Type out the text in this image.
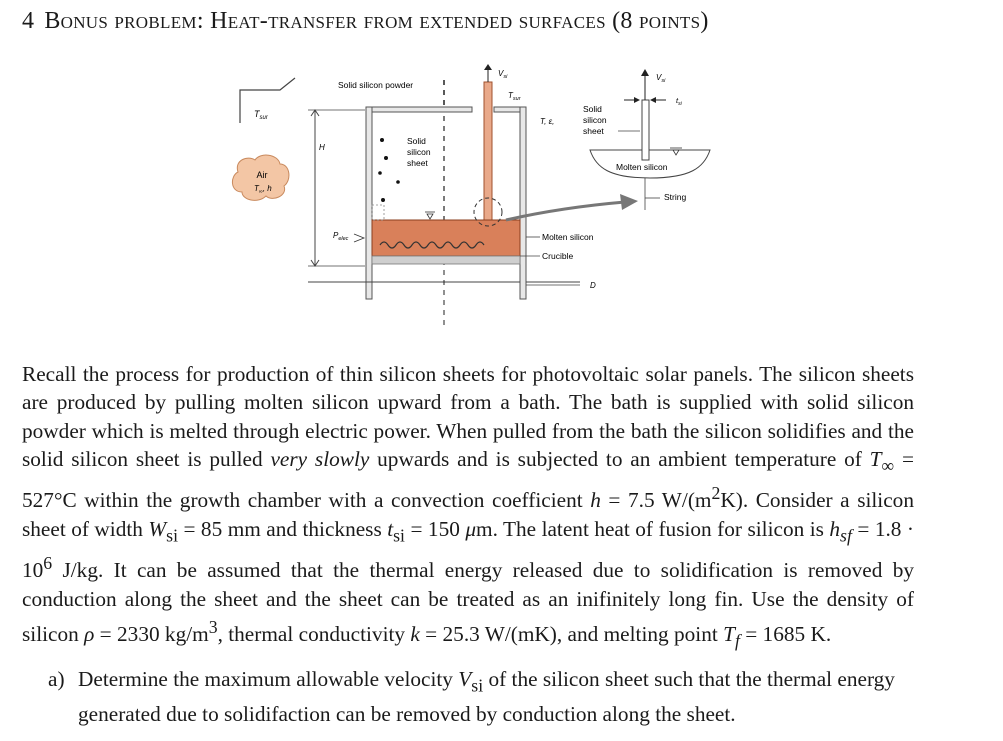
4 Bonus problem: Heat-transfer from extended surfaces (8 points)
$T_{sur}$
Air
$T_\infty$, h
H
Solid silicon powder
Solid
silicon
sheet
$V_{si}$
$T_{sur}$
T, ε,
$P_{elec}$	Molten silicon
Crucible
D
$V_{si}$
Solid
silicon
sheet
$t_{si}$
Molten silicon
String
Recall the process for production of thin silicon sheets for photovoltaic solar panels. The silicon sheets are produced by pulling molten silicon upward from a bath. The bath is supplied with solid silicon powder which is melted through electric power. When pulled from the bath the silicon solidifies and the solid silicon sheet is pulled very slowly upwards and is subjected to an ambient temperature of $T_\infty = 527^\circ C$ within the growth chamber with a convection coefficient h = 7.5 $W/(m^2K)$. Consider a silicon sheet of width $W_{si} = 85$ mm and thickness $t_{si} = 150$ μm. The latent heat of fusion for silicon is $h_{sf} = 1.8 \cdot 10^6$ J/kg. It can be assumed that the thermal energy released due to solidification is removed by conduction along the sheet and the sheet can be treated as an inifinitely long fin. Use the density of silicon ρ = 2330 $kg/m^3$, thermal conductivity k = 25.3 W/(mK), and melting point $T_f = 1685$ K.
a) Determine the maximum allowable velocity $V_{si}$ of the silicon sheet such that the thermal energy generated due to solidifaction can be removed by conduction along the sheet.
